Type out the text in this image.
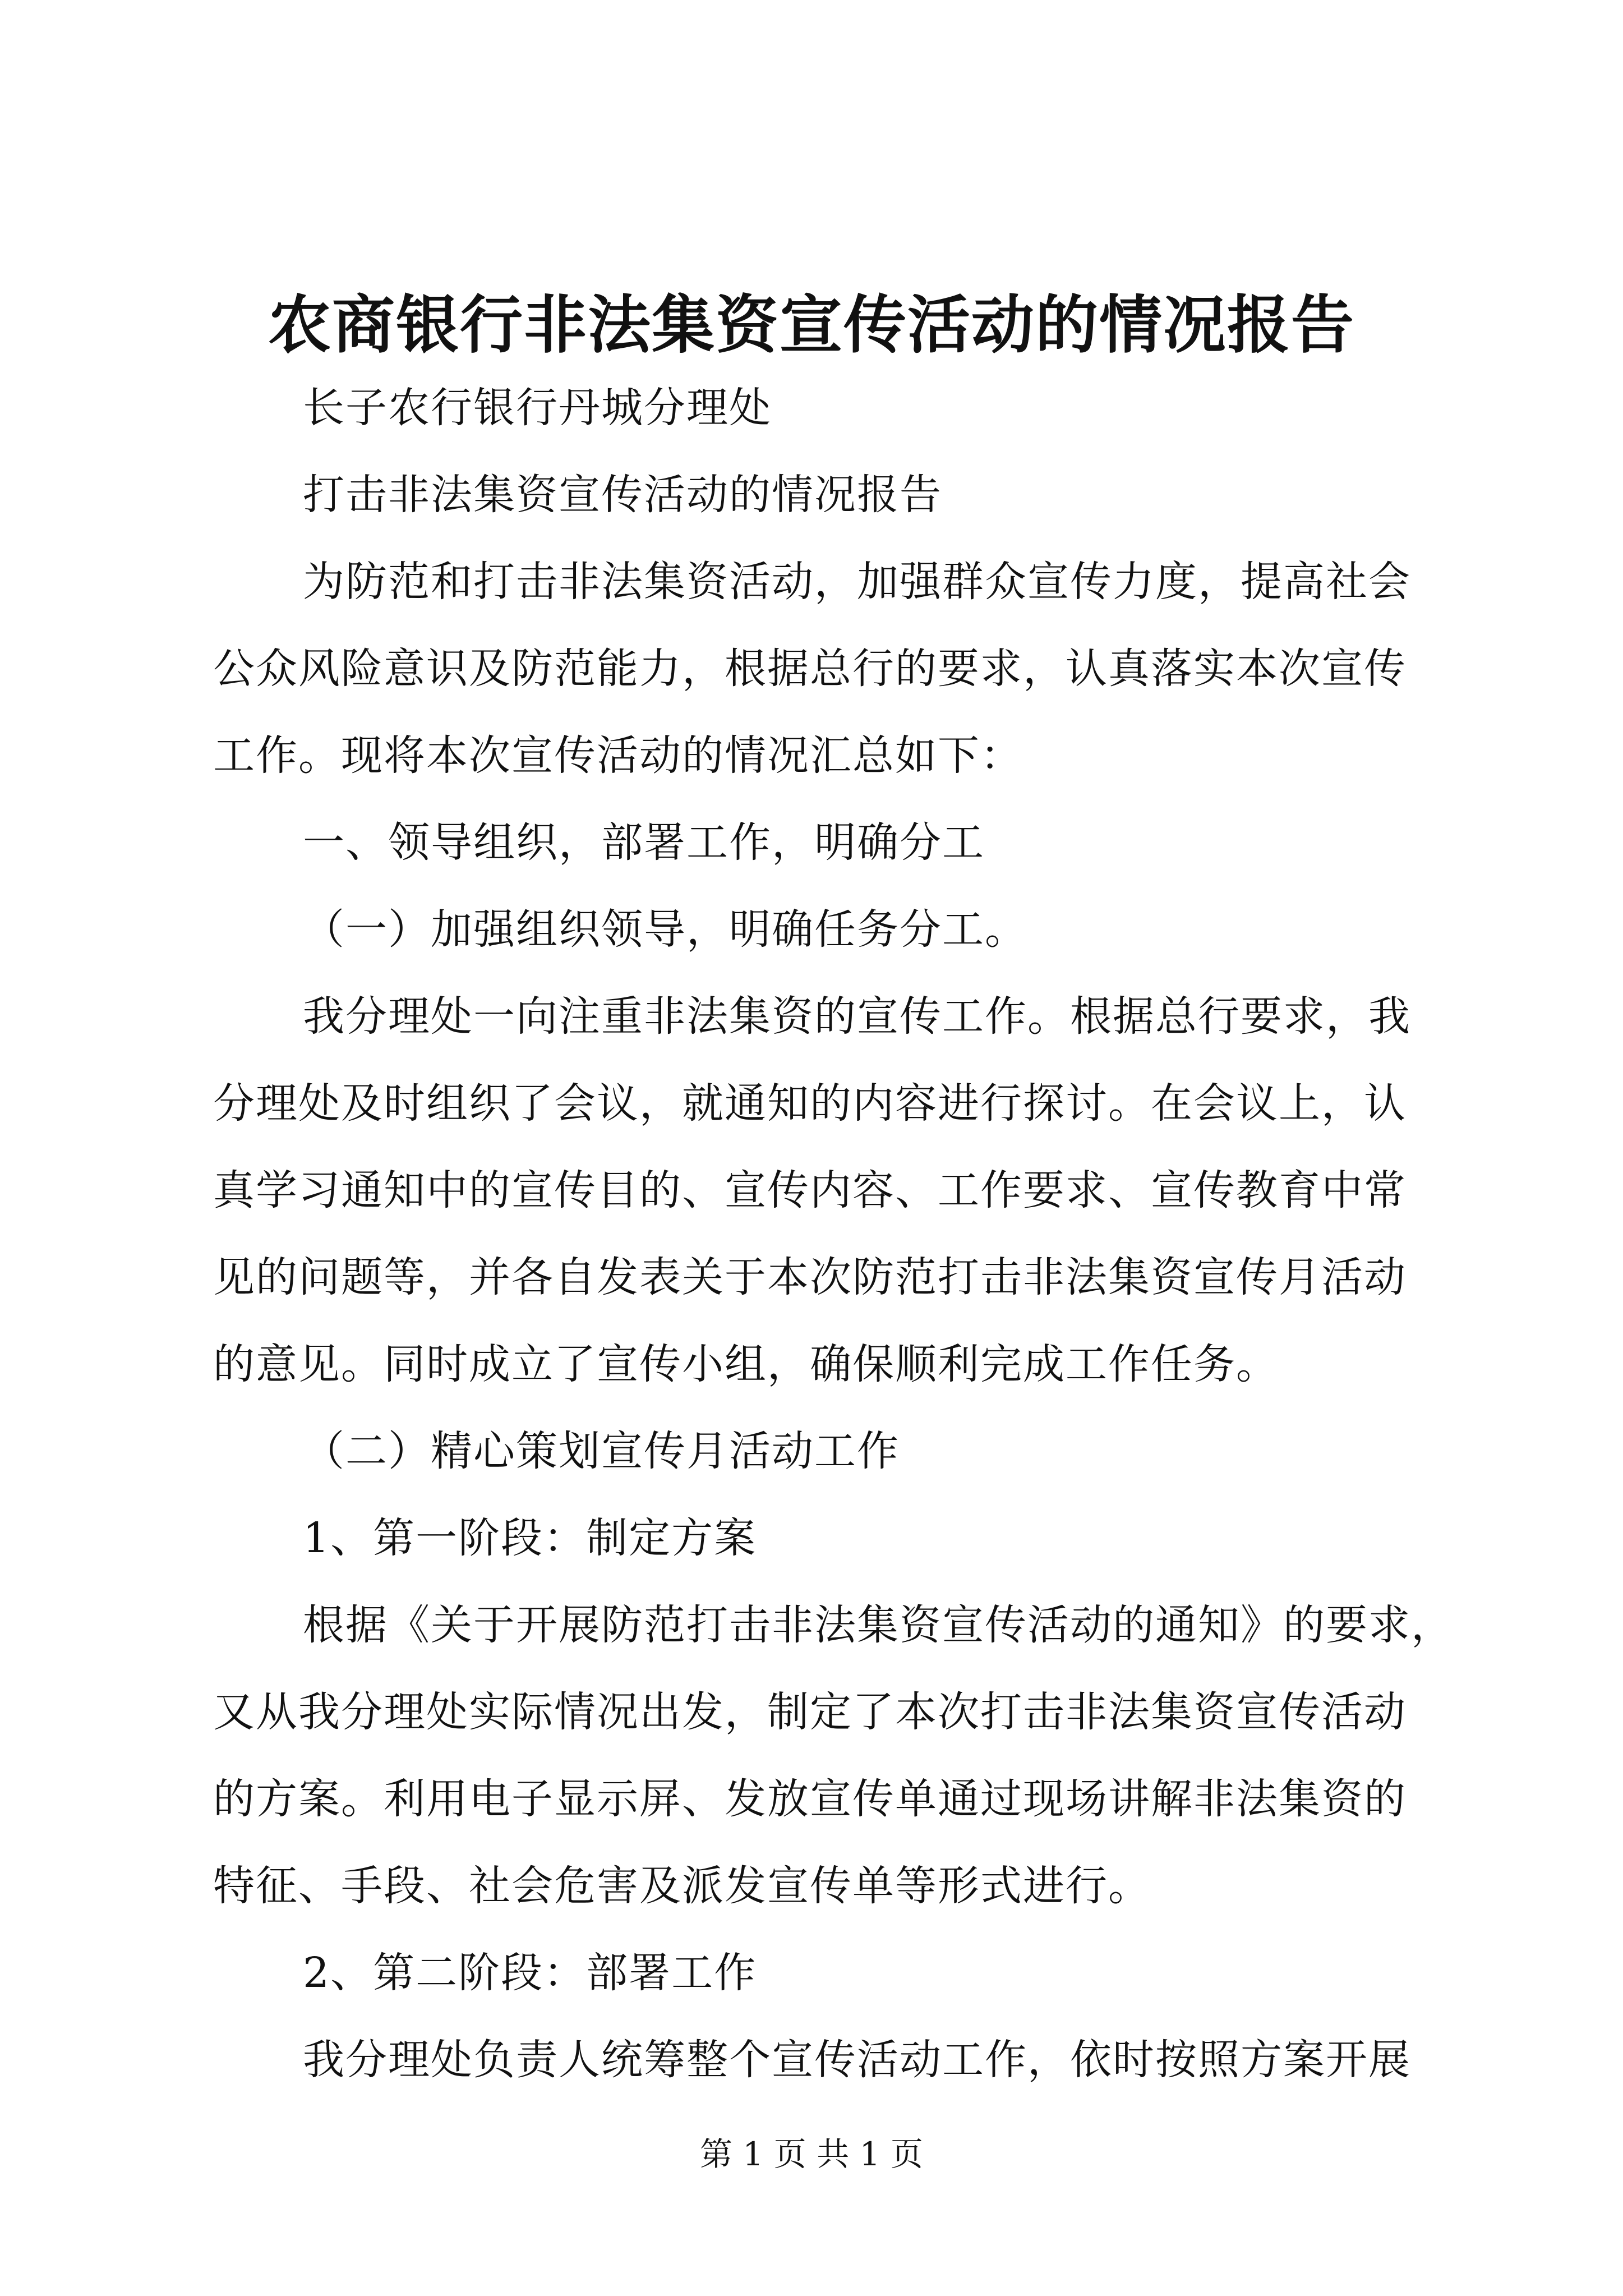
农商银行非法集资宣传活动的情况报告
长子农行银行丹城分理处
打击非法集资宣传活动的情况报告
为防范和打击非法集资活动，加强群众宣传力度，提高社会
公众风险意识及防范能力，根据总行的要求，认真落实本次宣传
工作。现将本次宣传活动的情况汇总如下：
一、领导组织，部署工作，明确分工
（一）加强组织领导，明确任务分工。
我分理处一向注重非法集资的宣传工作。根据总行要求，我
分理处及时组织了会议，就通知的内容进行探讨。在会议上，认
真学习通知中的宣传目的、宣传内容、工作要求、宣传教育中常
见的问题等，并各自发表关于本次防范打击非法集资宣传月活动
的意见。同时成立了宣传小组，确保顺利完成工作任务。
（二）精心策划宣传月活动工作
1、第一阶段：制定方案
根据《关于开展防范打击非法集资宣传活动的通知》的要求，
又从我分理处实际情况出发，制定了本次打击非法集资宣传活动
的方案。利用电子显示屏、发放宣传单通过现场讲解非法集资的
特征、手段、社会危害及派发宣传单等形式进行。
2、第二阶段：部署工作
我分理处负责人统筹整个宣传活动工作，依时按照方案开展
第 1 页 共 1 页
